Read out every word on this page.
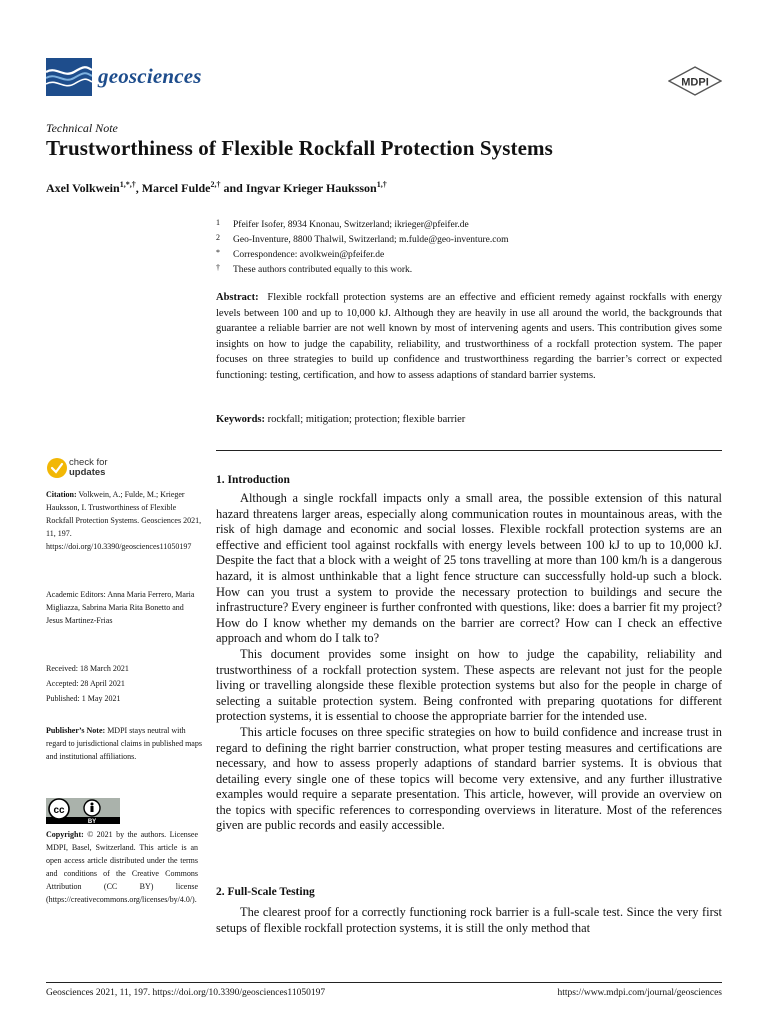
geosciences	MDPI
Technical Note
Trustworthiness of Flexible Rockfall Protection Systems
Axel Volkwein$^{1,*,\dagger}$, Marcel Fulde$^{2,\dagger}$ and Ingvar Krieger Hauksson$^{1,\dagger}$
1 Pfeifer Isofer, 8934 Knonau, Switzerland; ikrieger@pfeifer.de
2 Geo-Inventure, 8800 Thalwil, Switzerland; m.fulde@geo-inventure.com
* Correspondence: avolkwein@pfeifer.de
† These authors contributed equally to this work.
Abstract: Flexible rockfall protection systems are an effective and efficient remedy against rockfalls with energy levels between 100 and up to 10,000 kJ. Although they are heavily in use all around the world, the backgrounds that guarantee a reliable barrier are not well known by most of intervening agents and users. This contribution gives some insights on how to judge the capability, reliability, and trustworthiness of a rockfall protection system. The paper focuses on three strategies to build up confidence and trustworthiness regarding the barrier’s correct or expected functioning: testing, certification, and how to assess adaptions of standard barrier systems.
Keywords: rockfall; mitigation; protection; flexible barrier
check for
updates
Citation: Volkwein, A.; Fulde, M.; Krieger Hauksson, I. Trustworthiness of Flexible Rockfall Protection Systems. Geosciences 2021, 11, 197. https://doi.org/10.3390/geosciences11050197
Academic Editors: Anna Maria Ferrero, Maria Migliazza, Sabrina Maria Rita Bonetto and Jesus Martinez-Frias
Received: 18 March 2021
Accepted: 28 April 2021
Published: 1 May 2021
Publisher’s Note: MDPI stays neutral with regard to jurisdictional claims in published maps and institutional affiliations.
cc
BY
Copyright: © 2021 by the authors. Licensee MDPI, Basel, Switzerland. This article is an open access article distributed under the terms and conditions of the Creative Commons Attribution (CC BY) license (https://creativecommons.org/licenses/by/4.0/).
1. Introduction

Although a single rockfall impacts only a small area, the possible extension of this natural hazard threatens larger areas, especially along communication routes in mountainous areas, with the risk of high damage and economic and social losses. Flexible rockfall protection systems are an effective and efficient tool against rockfalls with energy levels between 100 kJ to up to 10,000 kJ. Despite the fact that a block with a weight of 25 tons travelling at more than 100 km/h is a dangerous hazard, it is almost unthinkable that a light fence structure can successfully hold-up such a block. How can you trust a system to provide the necessary protection to buildings and secure the infrastructure? Every engineer is further confronted with questions, like: does a barrier fit my project? How do I know whether my demands on the barrier are correct? How can I check an effective approach and whom do I talk to?

This document provides some insight on how to judge the capability, reliability and trustworthiness of a rockfall protection system. These aspects are relevant not just for the people living or travelling alongside these flexible protection systems but also for the people in charge of selecting a suitable protection system. Being confronted with preparing quotations for different protection systems, it is essential to choose the appropriate barrier for the intended use.

This article focuses on three specific strategies on how to build confidence and increase trust in regard to defining the right barrier construction, what proper testing measures and certifications are necessary, and how to assess properly adaptions of standard barrier systems. It is obvious that detailing every single one of these topics will become very extensive, and any further illustrative examples would require a separate presentation. This article, however, will provide an overview on the topics with specific references to corresponding overviews in literature. Most of the references given are public records and easily accessible.

2. Full-Scale Testing

The clearest proof for a correctly functioning rock barrier is a full-scale test. Since the very first setups of flexible rockfall protection systems, it is still the only method that

Geosciences 2021, 11, 197. https://doi.org/10.3390/geosciences11050197	https://www.mdpi.com/journal/geosciences
